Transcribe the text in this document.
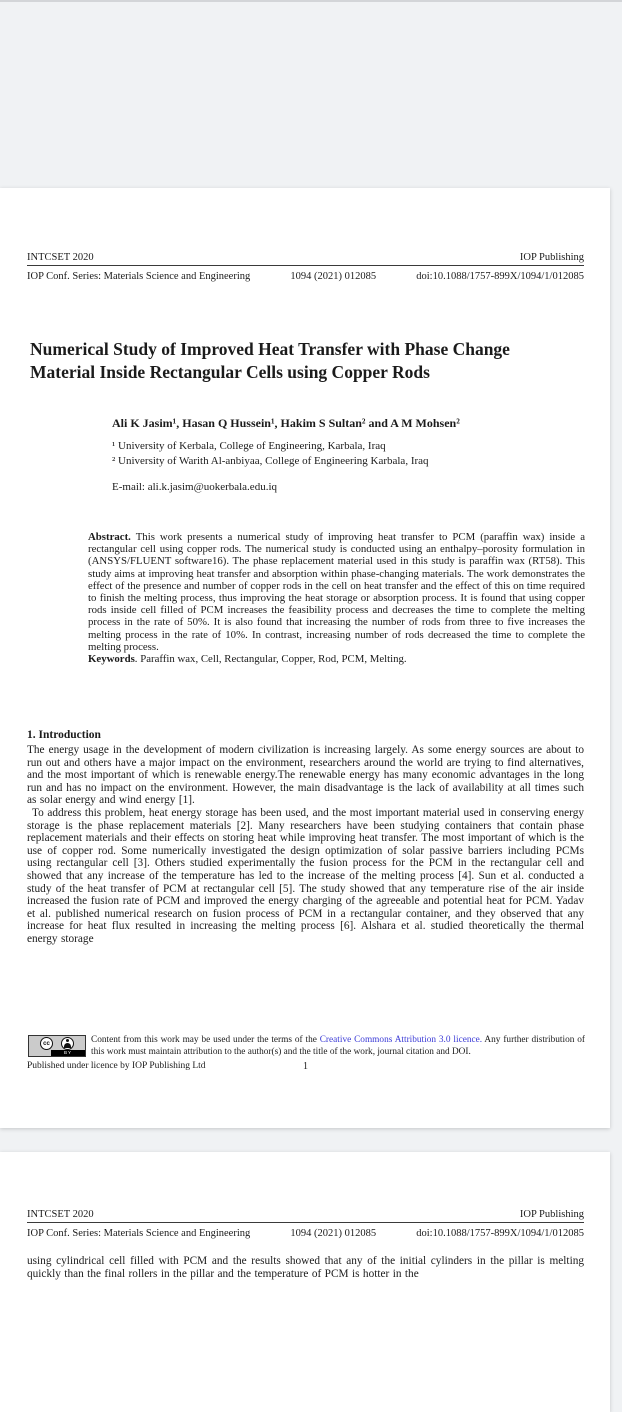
INTCSET 2020	IOP Publishing
IOP Conf. Series: Materials Science and Engineering	1094 (2021) 012085	doi:10.1088/1757-899X/1094/1/012085
Numerical Study of Improved Heat Transfer with Phase Change Material Inside Rectangular Cells using Copper Rods
Ali K Jasim¹, Hasan Q Hussein¹, Hakim S Sultan² and A M Mohsen²
¹ University of Kerbala, College of Engineering, Karbala, Iraq
² University of Warith Al-anbiyaa, College of Engineering Karbala, Iraq
E-mail: ali.k.jasim@uokerbala.edu.iq

Abstract. This work presents a numerical study of improving heat transfer to PCM (paraffin wax) inside a rectangular cell using copper rods. The numerical study is conducted using an enthalpy–porosity formulation in (ANSYS/FLUENT software16). The phase replacement material used in this study is paraffin wax (RT58). This study aims at improving heat transfer and absorption within phase-changing materials. The work demonstrates the effect of the presence and number of copper rods in the cell on heat transfer and the effect of this on time required to finish the melting process, thus improving the heat storage or absorption process. It is found that using copper rods inside cell filled of PCM increases the feasibility process and decreases the time to complete the melting process in the rate of 50%. It is also found that increasing the number of rods from three to five increases the melting process in the rate of 10%. In contrast, increasing number of rods decreased the time to complete the melting process.

Keywords. Paraffin wax, Cell, Rectangular, Copper, Rod, PCM, Melting.

1. Introduction

The energy usage in the development of modern civilization is increasing largely. As some energy sources are about to run out and others have a major impact on the environment, researchers around the world are trying to find alternatives, and the most important of which is renewable energy.The renewable energy has many economic advantages in the long run and has no impact on the environment. However, the main disadvantage is the lack of availability at all times such as solar energy and wind energy [1].

To address this problem, heat energy storage has been used, and the most important material used in conserving energy storage is the phase replacement materials [2]. Many researchers have been studying containers that contain phase replacement materials and their effects on storing heat while improving heat transfer. The most important of which is the use of copper rod. Some numerically investigated the design optimization of solar passive barriers including PCMs using rectangular cell [3]. Others studied experimentally the fusion process for the PCM in the rectangular cell and showed that any increase of the temperature has led to the increase of the melting process [4]. Sun et al. conducted a study of the heat transfer of PCM at rectangular cell [5]. The study showed that any temperature rise of the air inside increased the fusion rate of PCM and improved the energy charging of the agreeable and potential heat for PCM. Yadav et al. published numerical research on fusion process of PCM in a rectangular container, and they observed that any increase for heat flux resulted in increasing the melting process [6]. Alshara et al. studied theoretically the thermal energy storage

cc
BY
Content from this work may be used under the terms of the Creative Commons Attribution 3.0 licence. Any further distribution of this work must maintain attribution to the author(s) and the title of the work, journal citation and DOI.
Published under licence by IOP Publishing Ltd	1
INTCSET 2020	IOP Publishing
IOP Conf. Series: Materials Science and Engineering	1094 (2021) 012085	doi:10.1088/1757-899X/1094/1/012085
using cylindrical cell filled with PCM and the results showed that any of the initial cylinders in the pillar is melting quickly than the final rollers in the pillar and the temperature of PCM is hotter in the
